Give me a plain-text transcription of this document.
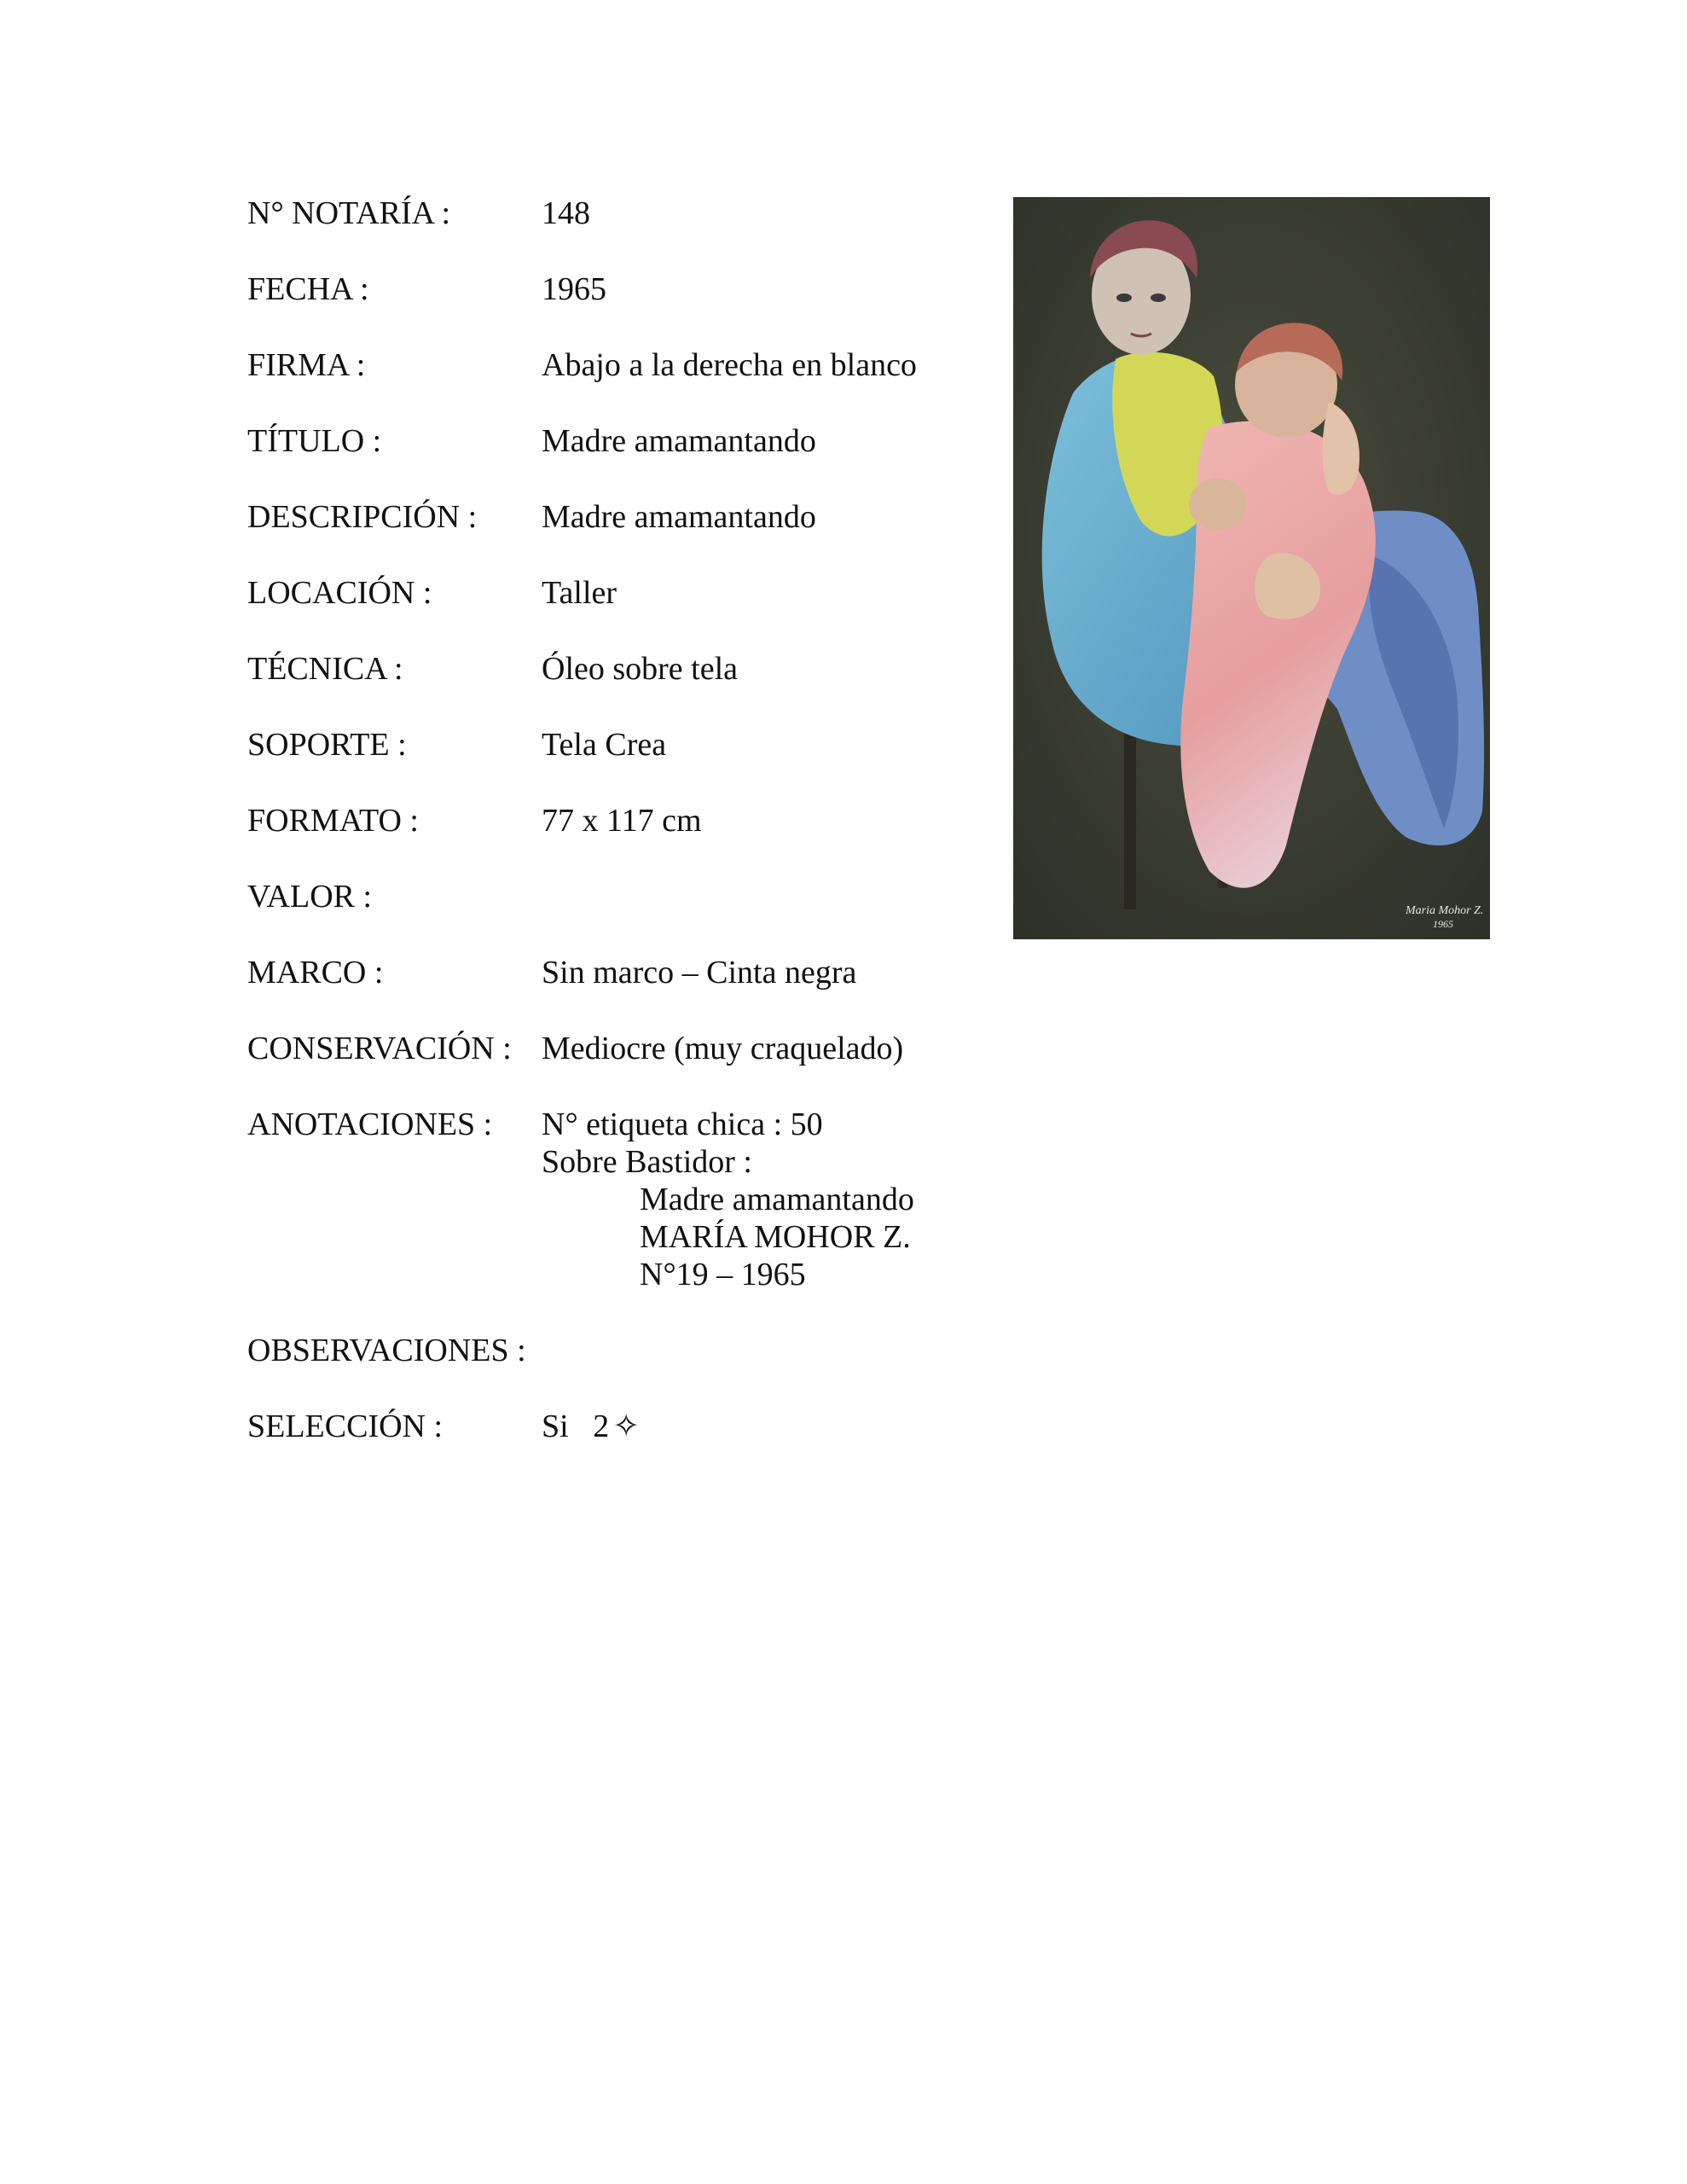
N° NOTARÍA :	148
FECHA :	1965
FIRMA :	Abajo a la derecha en blanco
TÍTULO :	Madre amamantando
DESCRIPCIÓN :	Madre amamantando
LOCACIÓN :	Taller
TÉCNICA :	Óleo sobre tela
SOPORTE :	Tela Crea
FORMATO :	77 x 117 cm
VALOR :
MARCO :	Sin marco – Cinta negra
CONSERVACIÓN : Mediocre (muy craquelado)
ANOTACIONES :	N° etiqueta chica : 50
Sobre Bastidor :
Madre amamantando
MARÍA MOHOR Z.
N°19 – 1965
OBSERVACIONES :
SELECCIÓN :	Si   2 ✧
Maria Mohor Z.
1965
